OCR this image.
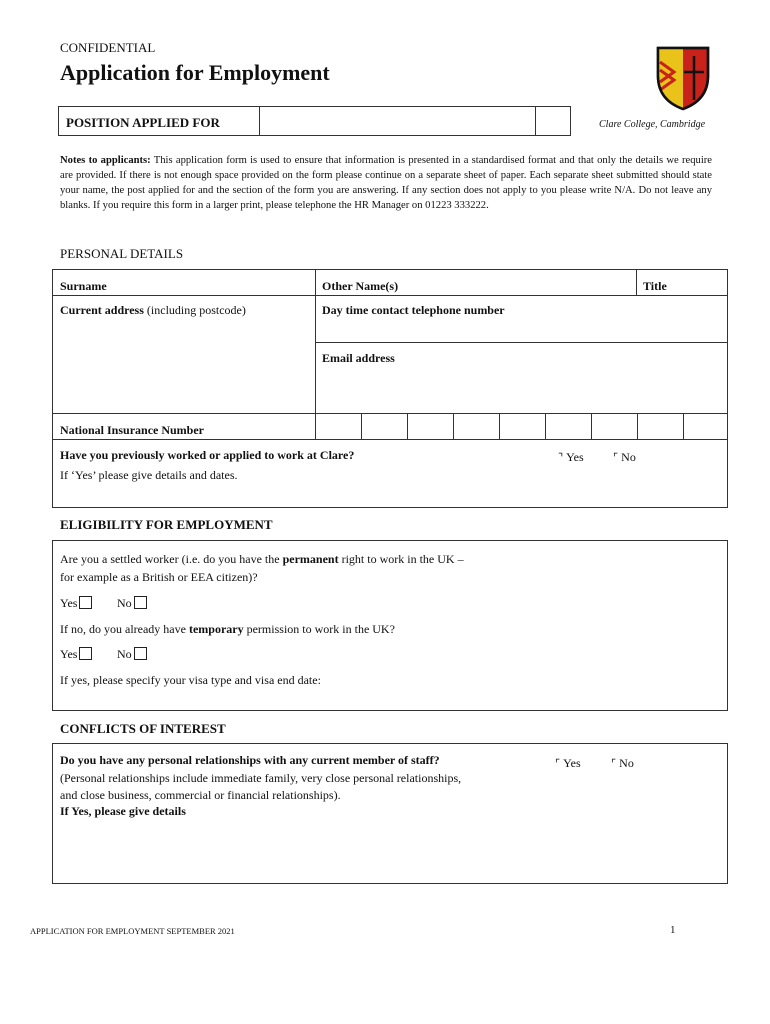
CONFIDENTIAL
Application for Employment
POSITION APPLIED FOR	Clare College, Cambridge
Notes to applicants: This application form is used to ensure that information is presented in a standardised format and that only the details we require are provided. If there is not enough space provided on the form please continue on a separate sheet of paper. Each separate sheet submitted should state your name, the post applied for and the section of the form you are answering. If any section does not apply to you please write N/A. Do not leave any blanks. If you require this form in a larger print, please telephone the HR Manager on 01223 333222.
PERSONAL DETAILS
Surname	Other Name(s)	Title
Current address (including postcode)	Day time contact telephone number
Email address
National Insurance Number
Have you previously worked or applied to work at Clare?
If ‘Yes’ please give details and dates.
⌝ Yes	⌜ No
ELIGIBILITY FOR EMPLOYMENT
Are you a settled worker (i.e. do you have the permanent right to work in the UK –
for example as a British or EEA citizen)?
Yes	No
If no, do you already have temporary permission to work in the UK?
Yes	No
If yes, please specify your visa type and visa end date:
CONFLICTS OF INTEREST
Do you have any personal relationships with any current member of staff?
(Personal relationships include immediate family, very close personal relationships,
and close business, commercial or financial relationships).
If Yes, please give details
⌜ Yes	⌜ No
APPLICATION FOR EMPLOYMENT SEPTEMBER 2021	1
